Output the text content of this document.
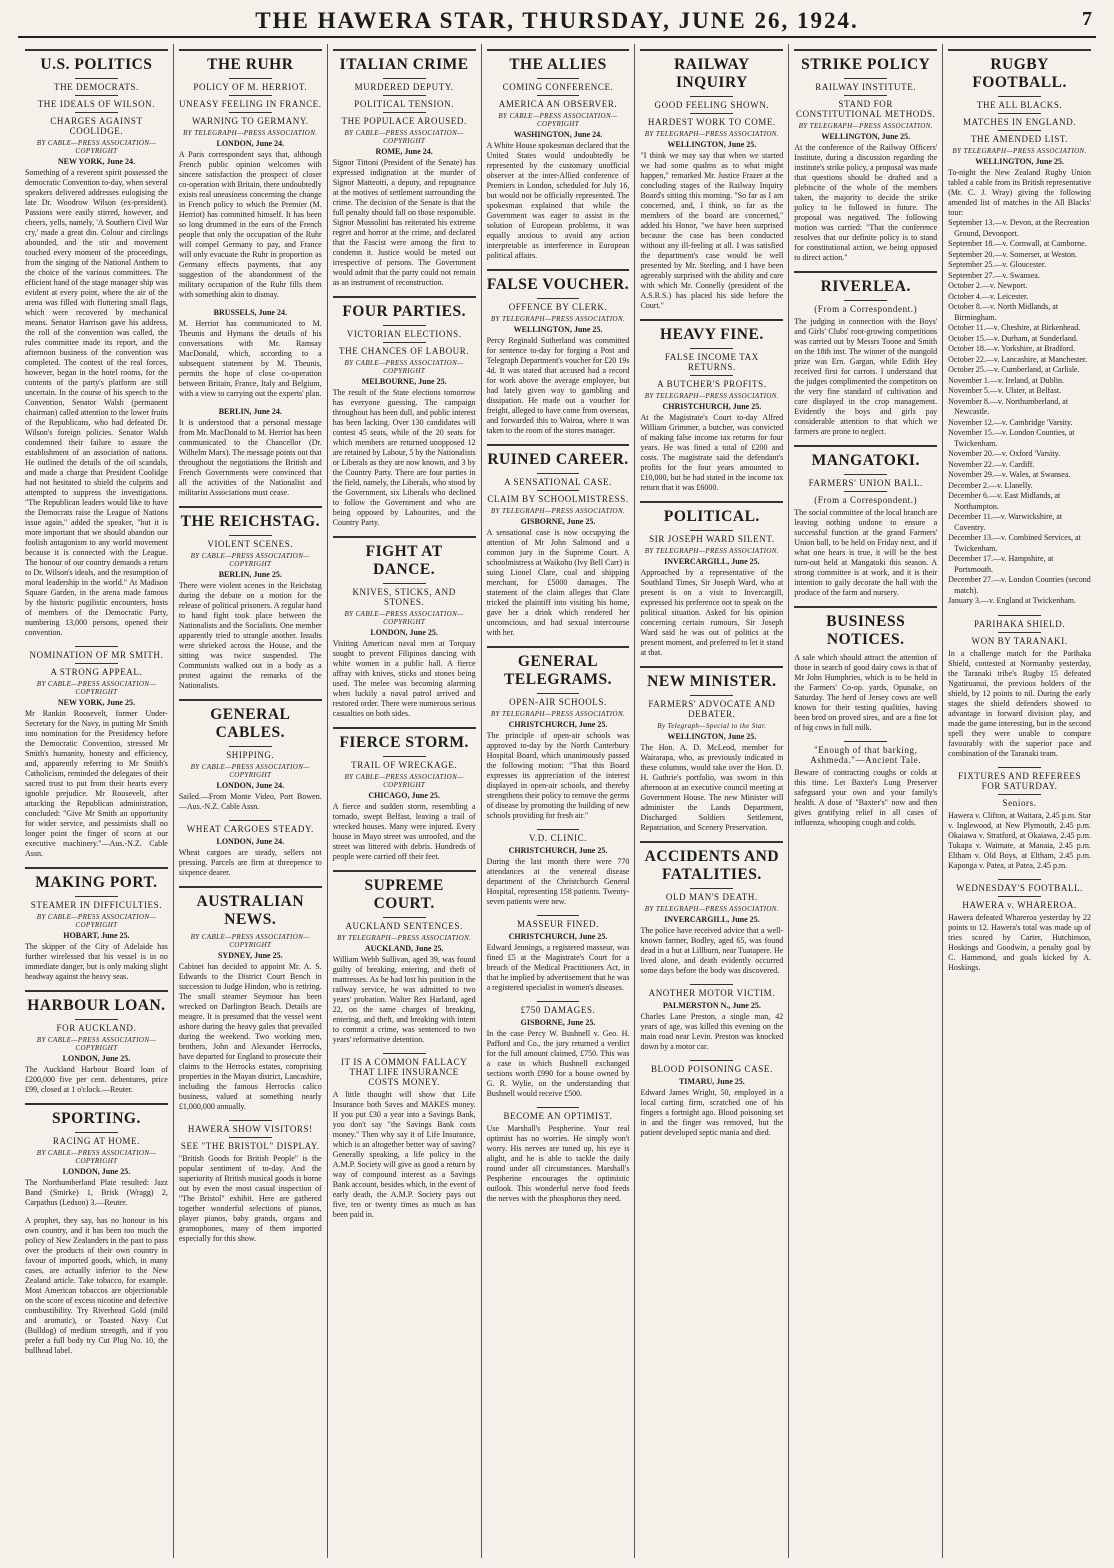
THE HAWERA STAR, THURSDAY, JUNE 26, 1924.	7
U.S. POLITICS
THE DEMOCRATS.
THE IDEALS OF WILSON.
CHARGES AGAINST COOLIDGE.
BY CABLE—PRESS ASSOCIATION—COPYRIGHT
NEW YORK, June 24.

Something of a reverent spirit possessed the democratic Convention to-day, when several speakers delivered addresses eulogising the late Dr. Woodrow Wilson (ex-president). Passions were easily stirred, however, and cheers, yells, namely, 'A Southern Civil War cry,' made a great din. Colour and circlings abounded, and the stir and movement touched every moment of the proceedings, from the singing of the National Anthem to the choice of the various committees. The efficient hand of the stage manager ship was evident at every point, where the air of the arena was filled with fluttering small flags, which were recovered by mechanical means. Senator Harrison gave his address, the roll of the convention was called, the rules committee made its report, and the afternoon business of the convention was completed. The contest of the real forces, however, began in the hotel rooms, for the contents of the party's platform are still uncertain. In the course of his speech to the Convention, Senator Walsh (permanent chairman) called attention to the lower fruits of the Republicans, who had defeated Dr. Wilson's foreign policies. Senator Walsh condemned their failure to assure the establishment of an association of nations. He outlined the details of the oil scandals, and made a charge that President Coolidge had not hesitated to shield the culprits and attempted to suppress the investigations. "The Republican leaders would like to have the Democrats raise the League of Nations issue again," added the speaker, "but it is more important that we should abandon our foolish antagonism to any world movement because it is connected with the League. The honour of our country demands a return to Dr. Wilson's ideals, and the resumption of moral leadership in the world." At Madison Square Garden, in the arena made famous by the historic pugilistic encounters, hosts of members of the Democratic Party, numbering 13,000 persons, opened their convention.

NOMINATION OF MR SMITH.
A STRONG APPEAL.
BY CABLE—PRESS ASSOCIATION—COPYRIGHT
NEW YORK, June 25.

Mr Rankin Roosevelt, former Under-Secretary for the Navy, in putting Mr Smith into nomination for the Presidency before the Democratic Convention, stressed Mr Smith's humanity, honesty and efficiency, and, apparently referring to Mr Smith's Catholicism, reminded the delegates of their sacred trust to put from their hearts every ignoble prejudice. Mr Roosevelt, after attacking the Republican administration, concluded: "Give Mr Smith an opportunity for wider service, and pessimists shall no longer point the finger of scorn at our executive machinery."—Aus.-N.Z. Cable Assn.

MAKING PORT.
STEAMER IN DIFFICULTIES.
BY CABLE—PRESS ASSOCIATION—COPYRIGHT
HOBART, June 25.

The skipper of the City of Adelaide has further wirelessed that his vessel is in no immediate danger, but is only making slight headway against the heavy seas.

HARBOUR LOAN.
FOR AUCKLAND.
BY CABLE—PRESS ASSOCIATION—COPYRIGHT
LONDON, June 25.

The Auckland Harbour Board loan of £200,000 five per cent. debentures, price £99, closed at 1 o'clock.—Reuter.

SPORTING.
RACING AT HOME.
BY CABLE—PRESS ASSOCIATION—COPYRIGHT
LONDON, June 25.

The Northumberland Plate resulted: Jazz Band (Smirke) 1, Brisk (Wragg) 2, Carpathus (Ledson) 3.—Reuter.

A prophet, they say, has no honour in his own country, and it has been too much the policy of New Zealanders in the past to pass over the products of their own country in favour of imported goods, which, in many cases, are actually inferior to the New Zealand article. Take tobacco, for example. Most American tobaccos are objectionable on the score of excess nicotine and defective combustibility. Try Riverhead Gold (mild and aromatic), or Toasted Navy Cut (Bulldog) of medium strength, and if you prefer a full body try Cut Plug No. 10, the bullhead label.

THE RUHR
POLICY OF M. HERRIOT.
UNEASY FEELING IN FRANCE.
WARNING TO GERMANY.
BY TELEGRAPH—PRESS ASSOCIATION.
LONDON, June 24.

A Paris correspondent says that, although French public opinion welcomes with sincere satisfaction the prospect of closer co-operation with Britain, there undoubtedly exists real uneasiness concerning the change in French policy to which the Premier (M. Herriot) has committed himself. It has been so long drummed in the ears of the French people that only the occupation of the Ruhr will compel Germany to pay, and France will only evacuate the Ruhr in proportion as Germany effects payments, that any suggestion of the abandonment of the military occupation of the Ruhr fills them with something akin to dismay.

BRUSSELS, June 24.

M. Herriot has communicated to M. Theunis and Hymans the details of his conversations with Mr. Ramsay MacDonald, which, according to a subsequent statement by M. Theunis, permits the hope of close co-operation between Britain, France, Italy and Belgium, with a view to carrying out the experts' plan.

BERLIN, June 24.

It is understood that a personal message from Mr. MacDonald to M. Herriot has been communicated to the Chancellor (Dr. Wilhelm Marx). The message points out that throughout the negotiations the British and French Governments were convinced that all the activities of the Nationalist and militarist Associations must cease.

THE REICHSTAG.
VIOLENT SCENES.
BY CABLE—PRESS ASSOCIATION—COPYRIGHT
BERLIN, June 25.

There were violent scenes in the Reichstag during the debate on a motion for the release of political prisoners. A regular hand to hand fight took place between the Nationalists and the Socialists. One member apparently tried to strangle another. Insults were shrieked across the House, and the sitting was twice suspended. The Communists walked out in a body as a protest against the remarks of the Nationalists.

GENERAL CABLES.
SHIPPING.
BY CABLE—PRESS ASSOCIATION—COPYRIGHT
LONDON, June 24.

Sailed.—From Monte Video, Port Bowen.—Aus.-N.Z. Cable Assn.

WHEAT CARGOES STEADY.
LONDON, June 24.

Wheat cargoes are steady, sellers not pressing. Parcels are firm at threepence to sixpence dearer.

AUSTRALIAN NEWS.
BY CABLE—PRESS ASSOCIATION—COPYRIGHT
SYDNEY, June 25.

Cabinet has decided to appoint Mr. A. S. Edwards to the District Court Bench in succession to Judge Hindon, who is retiring. The small steamer Seymour has been wrecked on Darlington Beach. Details are meagre. It is presumed that the vessel went ashore during the heavy gales that prevailed during the weekend. Two working men, brothers, John and Alexander Herrocks, have departed for England to prosecute their claims to the Herrocks estates, comprising properties in the Mayan district, Lancashire, including the famous Herrocks calico business, valued at something nearly £1,000,000 annually.

HAWERA SHOW VISITORS!
SEE "THE BRISTOL" DISPLAY.

"British Goods for British People" is the popular sentiment of to-day. And the superiority of British musical goods is borne out by even the most casual inspection of "The Bristol" exhibit. Here are gathered together wonderful selections of pianos, player pianos, baby grands, organs and gramophones, many of them imported especially for this show.

ITALIAN CRIME
MURDERED DEPUTY.
POLITICAL TENSION.
THE POPULACE AROUSED.
BY CABLE—PRESS ASSOCIATION—COPYRIGHT
ROME, June 24.

Signor Tittoni (President of the Senate) has expressed indignation at the murder of Signor Matteotti, a deputy, and repugnance at the motives of settlement surrounding the crime. The decision of the Senate is that the full penalty should fall on those responsible. Signor Mussolini has reiterated his extreme regret and horror at the crime, and declared that the Fascist were among the first to condemn it. Justice would be meted out irrespective of persons. The Government would admit that the party could not remain as an instrument of reconstruction.

FOUR PARTIES.
VICTORIAN ELECTIONS.
THE CHANCES OF LABOUR.
BY CABLE—PRESS ASSOCIATION—COPYRIGHT
MELBOURNE, June 25.

The result of the State elections tomorrow has everyone guessing. The campaign throughout has been dull, and public interest has been lacking. Over 130 candidates will contest 45 seats, while of the 20 seats for which members are returned unopposed 12 are retained by Labour, 5 by the Nationalists or Liberals as they are now known, and 3 by the Country Party. There are four parties in the field, namely, the Liberals, who stood by the Government, six Liberals who declined to follow the Government and who are being opposed by Labourites, and the Country Party.

FIGHT AT DANCE.
KNIVES, STICKS, AND STONES.
BY CABLE—PRESS ASSOCIATION—COPYRIGHT
LONDON, June 25.

Visiting American naval men at Torquay sought to prevent Filipinos dancing with white women in a public hall. A fierce affray with knives, sticks and stones being used. The melee was becoming alarming when luckily a naval patrol arrived and restored order. There were numerous serious casualties on both sides.

FIERCE STORM.
TRAIL OF WRECKAGE.
BY CABLE—PRESS ASSOCIATION—COPYRIGHT
CHICAGO, June 25.

A fierce and sudden storm, resembling a tornado, swept Belfast, leaving a trail of wrecked houses. Many were injured. Every house in Mayo street was unroofed, and the street was littered with debris. Hundreds of people were carried off their feet.

SUPREME COURT.
AUCKLAND SENTENCES.
BY TELEGRAPH—PRESS ASSOCIATION.
AUCKLAND, June 25.

William Webb Sullivan, aged 39, was found guilty of breaking, entering, and theft of mattresses. As he had lost his position in the railway service, he was admitted to two years' probation. Walter Rex Harland, aged 22, on the same charges of breaking, entering, and theft, and breaking with intent to commit a crime, was sentenced to two years' reformative detention.

IT IS A COMMON FALLACY THAT LIFE INSURANCE COSTS MONEY.

A little thought will show that Life Insurance both Saves and MAKES money. If you put £30 a year into a Savings Bank, you don't say "the Savings Bank costs money." Then why say it of Life Insurance, which is an altogether better way of saving? Generally speaking, a life policy in the A.M.P. Society will give as good a return by way of compound interest as a Savings Bank account, besides which, in the event of early death, the A.M.P. Society pays out five, ten or twenty times as much as has been paid in.

THE ALLIES
COMING CONFERENCE.
AMERICA AN OBSERVER.
BY CABLE—PRESS ASSOCIATION—COPYRIGHT
WASHINGTON, June 24.

A White House spokesman declared that the United States would undoubtedly be represented by the customary unofficial observer at the inter-Allied conference of Premiers in London, scheduled for July 16, but would not be officially represented. The spokesman explained that while the Government was eager to assist in the solution of European problems, it was equally anxious to avoid any action interpretable as interference in European political affairs.

FALSE VOUCHER.
OFFENCE BY CLERK.
BY TELEGRAPH—PRESS ASSOCIATION.
WELLINGTON, June 25.

Percy Reginald Sutherland was committed for sentence to-day for forging a Post and Telegraph Department's voucher for £20 19s 4d. It was stated that accused had a record for work above the average employee, but had lately given way to gambling and dissipation. He made out a voucher for freight, alleged to have come from overseas, and forwarded this to Wairoa, where it was taken to the room of the stores manager.

RUINED CAREER.
A SENSATIONAL CASE.
CLAIM BY SCHOOLMISTRESS.
BY TELEGRAPH—PRESS ASSOCIATION.
GISBORNE, June 25.

A sensational case is now occupying the attention of Mr John Salmond and a common jury in the Supreme Court. A schoolmistress at Waikohu (Ivy Bell Carr) is suing Lionel Clare, coal and shipping merchant, for £5000 damages. The statement of the claim alleges that Clare tricked the plaintiff into visiting his home, gave her a drink which rendered her unconscious, and had sexual intercourse with her.

GENERAL TELEGRAMS.
OPEN-AIR SCHOOLS.
BY TELEGRAPH—PRESS ASSOCIATION.
CHRISTCHURCH, June 25.

The principle of open-air schools was approved to-day by the North Canterbury Hospital Board, which unanimously passed the following motion: "That this Board expresses its appreciation of the interest displayed in open-air schools, and thereby strengthens their policy to remove the germs of disease by promoting the building of new schools providing for fresh air."

V.D. CLINIC.
CHRISTCHURCH, June 25.

During the last month there were 770 attendances at the venereal disease department of the Christchurch General Hospital, representing 158 patients. Twenty-seven patients were new.

MASSEUR FINED.
CHRISTCHURCH, June 25.

Edward Jennings, a registered masseur, was fined £5 at the Magistrate's Court for a breach of the Medical Practitioners Act, in that he implied by advertisement that he was a registered specialist in women's diseases.

£750 DAMAGES.
GISBORNE, June 25.

In the case Percy W. Bushnell v. Geo. H. Pafford and Co., the jury returned a verdict for the full amount claimed, £750. This was a case in which Bushnell exchanged sections worth £990 for a house owned by G. R. Wylie, on the understanding that Bushnell would receive £500.

BECOME AN OPTIMIST.

Use Marshall's Pespherine. Your real optimist has no worries. He simply won't worry. His nerves are tuned up, his eye is alight, and he is able to tackle the daily round under all circumstances. Marshall's Pespherine encourages the optimistic outlook. This wonderful nerve food feeds the nerves with the phosphorus they need.

RAILWAY INQUIRY
GOOD FEELING SHOWN.
HARDEST WORK TO COME.
BY TELEGRAPH—PRESS ASSOCIATION.
WELLINGTON, June 25.

"I think we may say that when we started we had some qualms as to what might happen," remarked Mr. Justice Frazer at the concluding stages of the Railway Inquiry Board's sitting this morning. "So far as I am concerned, and, I think, so far as the members of the board are concerned," added his Honor, "we have been surprised because the case has been conducted without any ill-feeling at all. I was satisfied the department's case would be well presented by Mr. Sterling, and I have been agreeably surprised with the ability and care with which Mr. Connelly (president of the A.S.R.S.) has placed his side before the Court."

HEAVY FINE.
FALSE INCOME TAX RETURNS.
A BUTCHER'S PROFITS.
BY TELEGRAPH—PRESS ASSOCIATION.
CHRISTCHURCH, June 25.

At the Magistrate's Court to-day Alfred William Grimmer, a butcher, was convicted of making false income tax returns for four years. He was fined a total of £200 and costs. The magistrate said the defendant's profits for the four years amounted to £10,000, but he had stated in the income tax return that it was £6000.

POLITICAL.
SIR JOSEPH WARD SILENT.
BY TELEGRAPH—PRESS ASSOCIATION.
INVERCARGILL, June 25.

Approached by a representative of the Southland Times, Sir Joseph Ward, who at present is on a visit to Invercargill, expressed his preference not to speak on the political situation. Asked for his opinion concerning certain rumours, Sir Joseph Ward said he was out of politics at the present moment, and preferred to let it stand at that.

NEW MINISTER.
FARMERS' ADVOCATE AND DEBATER.
By Telegraph—Special to the Star.
WELLINGTON, June 25.

The Hon. A. D. McLeod, member for Wairarapa, who, as previously indicated in these columns, would take over the Hon. D. H. Guthrie's portfolio, was sworn in this afternoon at an executive council meeting at Government House. The new Minister will administer the Lands Department, Discharged Soldiers Settlement, Repatriation, and Scenery Preservation.

ACCIDENTS AND FATALITIES.
OLD MAN'S DEATH.
BY TELEGRAPH—PRESS ASSOCIATION.
INVERCARGILL, June 25.

The police have received advice that a well-known farmer, Bodley, aged 65, was found dead in a hut at Lillburn, near Tuatapere. He lived alone, and death evidently occurred some days before the body was discovered.

ANOTHER MOTOR VICTIM.
PALMERSTON N., June 25.

Charles Lane Preston, a single man, 42 years of age, was killed this evening on the main road near Levin. Preston was knocked down by a motor car.

BLOOD POISONING CASE.
TIMARU, June 25.

Edward James Wright, 50, employed in a local carting firm, scratched one of his fingers a fortnight ago. Blood poisoning set in and the finger was removed, but the patient developed septic mania and died.

STRIKE POLICY
RAILWAY INSTITUTE.
STAND FOR CONSTITUTIONAL METHODS.
BY TELEGRAPH—PRESS ASSOCIATION.
WELLINGTON, June 25.

At the conference of the Railway Officers' Institute, during a discussion regarding the institute's strike policy, a proposal was made that questions should be drafted and a plebiscite of the whole of the members taken, the majority to decide the strike policy to be followed in future. The proposal was negatived. The following motion was carried: "That the conference resolves that our definite policy is to stand for constitutional action, we being opposed to direct action."

RIVERLEA.
(From a Correspondent.)

The judging in connection with the Boys' and Girls' Clubs' root-growing competitions was carried out by Messrs Toone and Smith on the 18th inst. The winner of the mangold prize was Ern. Gargan, while Edith Hey received first for carrots. I understand that the judges complimented the competitors on the very fine standard of cultivation and care displayed in the crop management. Evidently the boys and girls pay considerable attention to that which we farmers are prone to neglect.

MANGATOKI.
FARMERS' UNION BALL.
(From a Correspondent.)

The social committee of the local branch are leaving nothing undone to ensure a successful function at the grand Farmers' Union ball, to be held on Friday next, and if what one hears is true, it will be the best turn-out held at Mangatoki this season. A strong committee is at work, and it is their intention to gaily decorate the hall with the produce of the farm and nursery.

BUSINESS NOTICES.

A sale which should attract the attention of those in search of good dairy cows is that of Mr John Humphries, which is to be held in the Farmers' Co-op. yards, Opunake, on Saturday. The herd of Jersey cows are well known for their testing qualities, having been bred on proved sires, and are a fine lot of big cows in full milk.

"Enough of that barking, Ashmeda."—Ancient Tale.

Beware of contracting coughs or colds at this time. Let Baxter's Lung Preserver safeguard your own and your family's health. A dose of "Baxter's" now and then gives gratifying relief in all cases of influenza, whooping cough and colds.

RUGBY FOOTBALL.
THE ALL BLACKS.
MATCHES IN ENGLAND.
THE AMENDED LIST.
BY TELEGRAPH—PRESS ASSOCIATION.
WELLINGTON, June 25.

To-night the New Zealand Rugby Union tabled a cable from its British representative (Mr. C. J. Wray) giving the following amended list of matches in the All Blacks' tour:

September 13.—v. Devon, at the Recreation Ground, Devonport.
September 18.—v. Cornwall, at Camborne.
September 20.—v. Somerset, at Weston.
September 25.—v. Gloucester.
September 27.—v. Swansea.
October 2.—v. Newport.
October 4.—v. Leicester.
October 8.—v. North Midlands, at Birmingham.
October 11.—v. Cheshire, at Birkenhead.
October 15.—v. Durham, at Sunderland.
October 18.—v. Yorkshire, at Bradford.
October 22.—v. Lancashire, at Manchester.
October 25.—v. Cumberland, at Carlisle.
November 1.—v. Ireland, at Dublin.
November 5.—v. Ulster, at Belfast.
November 8.—v. Northumberland, at Newcastle.
November 12.—v. Cambridge 'Varsity.
November 15.—v. London Counties, at Twickenham.
November 20.—v. Oxford 'Varsity.
November 22.—v. Cardiff.
November 29.—v. Wales, at Swansea.
December 2.—v. Llanelly.
December 6.—v. East Midlands, at Northampton.
December 11.—v. Warwickshire, at Coventry.
December 13.—v. Combined Services, at Twickenham.
December 17.—v. Hampshire, at Portsmouth.
December 27.—v. London Counties (second match).
January 3.—v. England at Twickenham.
PARIHAKA SHIELD.
WON BY TARANAKI.

In a challenge match for the Parihaka Shield, contested at Normanby yesterday, the Taranaki tribe's Rugby 15 defeated Ngatiruanui, the previous holders of the shield, by 12 points to nil. During the early stages the shield defenders showed to advantage in forward division play, and made the game interesting, but in the second spell they were unable to compare favourably with the superior pace and combination of the Taranaki team.

FIXTURES AND REFEREES FOR SATURDAY.
Seniors.

Hawera v. Clifton, at Waitara, 2.45 p.m. Star v. Inglewood, at New Plymouth, 2.45 p.m. Okaiawa v. Stratford, at Okaiawa, 2.45 p.m. Tukapa v. Waimate, at Manaia, 2.45 p.m. Eltham v. Old Boys, at Eltham, 2.45 p.m. Kaponga v. Patea, at Patea, 2.45 p.m.

WEDNESDAY'S FOOTBALL.
HAWERA v. WHAREROA.

Hawera defeated Whareroa yesterday by 22 points to 12. Hawera's total was made up of tries scored by Carter, Hutchinson, Hoskings and Goodwin, a penalty goal by C. Hammond, and goals kicked by A. Hoskings.
